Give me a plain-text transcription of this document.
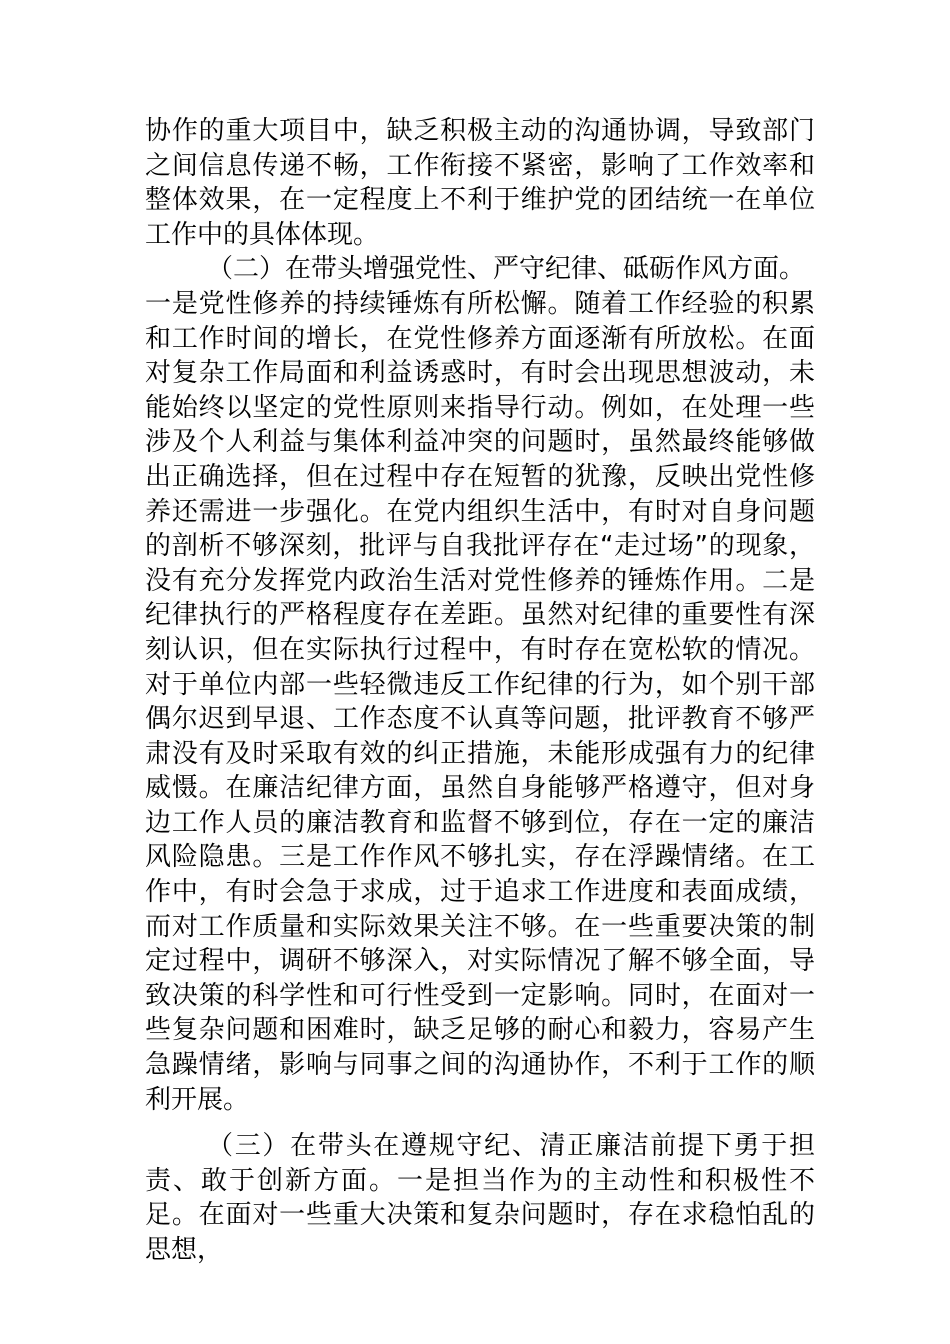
协作的重大项目中，缺乏积极主动的沟通协调，导致部门之间信息传递不畅，工作衔接不紧密，影响了工作效率和整体效果，在一定程度上不利于维护党的团结统一在单位工作中的具体体现。

（二）在带头增强党性、严守纪律、砥砺作风方面。

一是党性修养的持续锤炼有所松懈。随着工作经验的积累和工作时间的增长，在党性修养方面逐渐有所放松。在面对复杂工作局面和利益诱惑时，有时会出现思想波动，未能始终以坚定的党性原则来指导行动。例如，在处理一些涉及个人利益与集体利益冲突的问题时，虽然最终能够做出正确选择，但在过程中存在短暂的犹豫，反映出党性修养还需进一步强化。在党内组织生活中，有时对自身问题的剖析不够深刻，批评与自我批评存在“走过场”的现象，没有充分发挥党内政治生活对党性修养的锤炼作用。二是纪律执行的严格程度存在差距。虽然对纪律的重要性有深刻认识，但在实际执行过程中，有时存在宽松软的情况。对于单位内部一些轻微违反工作纪律的行为，如个别干部偶尔迟到早退、工作态度不认真等问题，批评教育不够严肃没有及时采取有效的纠正措施，未能形成强有力的纪律威慑。在廉洁纪律方面，虽然自身能够严格遵守，但对身边工作人员的廉洁教育和监督不够到位，存在一定的廉洁风险隐患。三是工作作风不够扎实，存在浮躁情绪。在工作中，有时会急于求成，过于追求工作进度和表面成绩，而对工作质量和实际效果关注不够。在一些重要决策的制定过程中，调研不够深入，对实际情况了解不够全面，导致决策的科学性和可行性受到一定影响。同时，在面对一些复杂问题和困难时，缺乏足够的耐心和毅力，容易产生急躁情绪，影响与同事之间的沟通协作，不利于工作的顺利开展。

（三）在带头在遵规守纪、清正廉洁前提下勇于担责、敢于创新方面。一是担当作为的主动性和积极性不足。在面对一些重大决策和复杂问题时，存在求稳怕乱的思想，
